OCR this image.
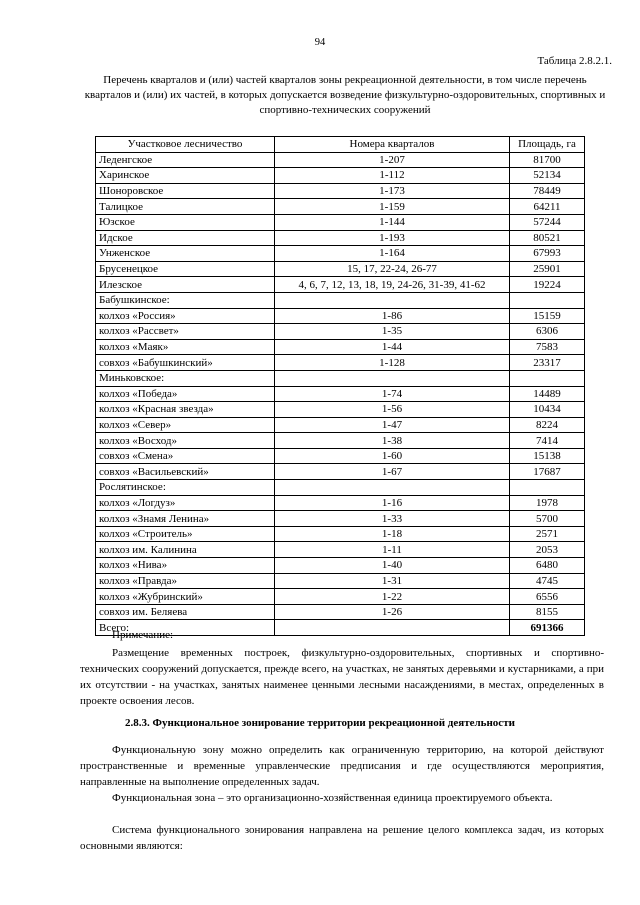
94
Таблица 2.8.2.1.
Перечень кварталов и (или) частей кварталов зоны рекреационной деятельности, в том числе перечень кварталов и (или) их частей, в которых допускается возведение физкультурно-оздоровительных, спортивных и спортивно-технических сооружений
Участковое лесничество	Номера кварталов	Площадь, га
Леденгское	1-207	81700
Харинское	1-112	52134
Шоноровское	1-173	78449
Талицкое	1-159	64211
Юзское	1-144	57244
Идское	1-193	80521
Унженское	1-164	67993
Брусенецкое	15, 17, 22-24, 26-77	25901
Илезское	4, 6, 7, 12, 13, 18, 19, 24-26, 31-39, 41-62	19224
Бабушкинское:		
колхоз «Россия»	1-86	15159
колхоз «Рассвет»	1-35	6306
колхоз «Маяк»	1-44	7583
совхоз «Бабушкинский»	1-128	23317
Миньковское:		
колхоз «Победа»	1-74	14489
колхоз «Красная звезда»	1-56	10434
колхоз «Север»	1-47	8224
колхоз «Восход»	1-38	7414
совхоз «Смена»	1-60	15138
совхоз «Васильевский»	1-67	17687
Рослятинское:		
колхоз «Логдуз»	1-16	1978
колхоз «Знамя Ленина»	1-33	5700
колхоз «Строитель»	1-18	2571
колхоз им. Калинина	1-11	2053
колхоз «Нива»	1-40	6480
колхоз «Правда»	1-31	4745
колхоз «Жубринский»	1-22	6556
совхоз им. Беляева	1-26	8155
Всего:		691366
Примечание:
Размещение временных построек, физкультурно-оздоровительных, спортивных и спортивно-технических сооружений допускается, прежде всего, на участках, не занятых деревьями и кустарниками, а при их отсутствии - на участках, занятых наименее ценными лесными насаждениями, в местах, определенных в проекте освоения лесов.
2.8.3. Функциональное зонирование территории рекреационной деятельности
Функциональную зону можно определить как ограниченную территорию, на которой действуют пространственные и временные управленческие предписания и где осуществляются мероприятия, направленные на выполнение определенных задач.
Функциональная зона – это организационно-хозяйственная единица проектируемого объекта.
Система функционального зонирования направлена на решение целого комплекса задач, из которых основными являются:
